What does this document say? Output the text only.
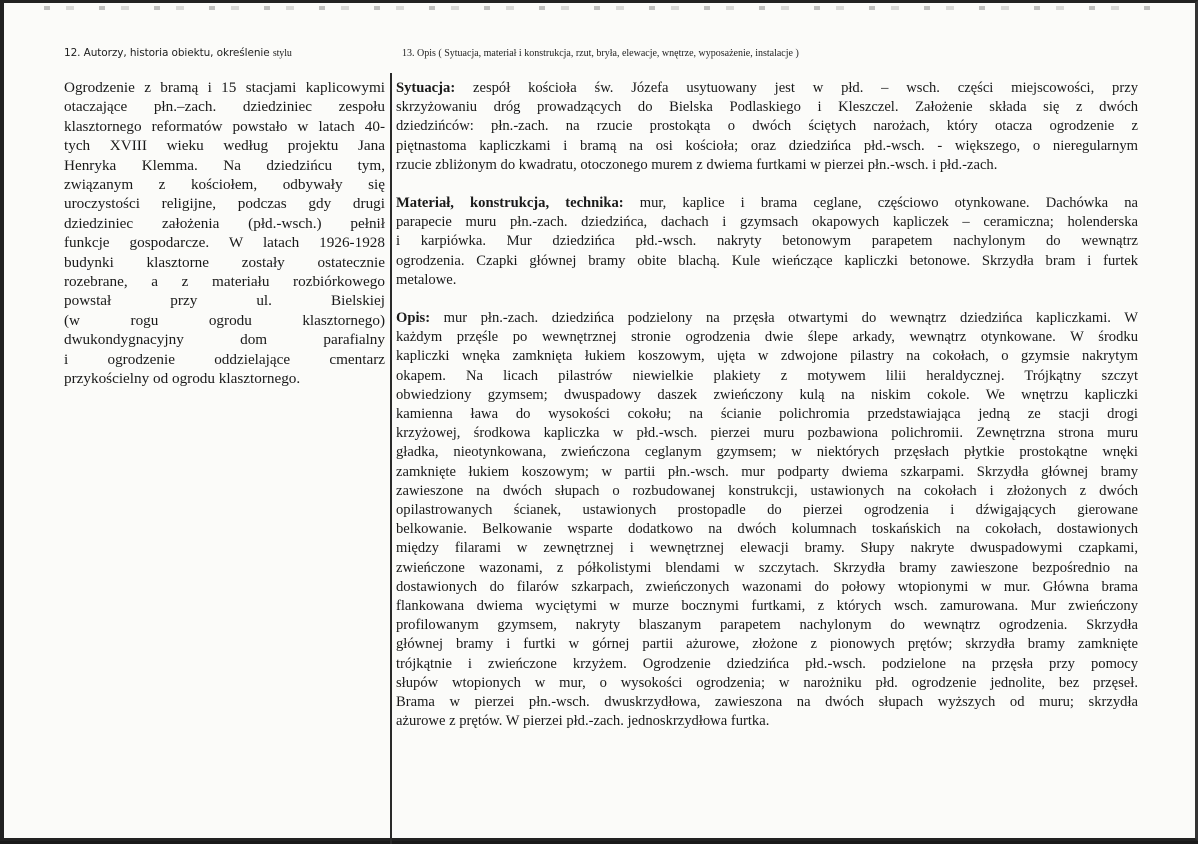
12. Autorzy, historia obiektu, określenie stylu	13. Opis ( Sytuacja, materiał i konstrukcja, rzut, bryła, elewacje, wnętrze, wyposażenie, instalacje )
Ogrodzenie z bramą i 15 stacjami kaplicowymi
otaczające płn.–zach. dziedziniec zespołu
klasztornego reformatów powstało w latach 40-
tych XVIII wieku według projektu Jana
Henryka Klemma. Na dziedzińcu tym,
związanym z kościołem, odbywały się
uroczystości religijne, podczas gdy drugi
dziedziniec założenia (płd.-wsch.) pełnił
funkcje gospodarcze. W latach 1926-1928
budynki klasztorne zostały ostatecznie
rozebrane, a z materiału rozbiórkowego
powstał przy ul. Bielskiej
(w rogu ogrodu klasztornego)
dwukondygnacyjny dom parafialny
i ogrodzenie oddzielające cmentarz
przykościelny od ogrodu klasztornego.
Sytuacja: zespół kościoła św. Józefa usytuowany jest w płd. – wsch. części miejscowości, przy
skrzyżowaniu dróg prowadzących do Bielska Podlaskiego i Kleszczel. Założenie składa się z dwóch
dziedzińców: płn.-zach. na rzucie prostokąta o dwóch ściętych narożach, który otacza ogrodzenie z
piętnastoma kapliczkami i bramą na osi kościoła; oraz dziedzińca płd.-wsch. - większego, o nieregularnym
rzucie zbliżonym do kwadratu, otoczonego murem z dwiema furtkami w pierzei płn.-wsch. i płd.-zach.
Materiał, konstrukcja, technika: mur, kaplice i brama ceglane, częściowo otynkowane. Dachówka na
parapecie muru płn.-zach. dziedzińca, dachach i gzymsach okapowych kapliczek – ceramiczna; holenderska
i karpiówka. Mur dziedzińca płd.-wsch. nakryty betonowym parapetem nachylonym do wewnątrz
ogrodzenia. Czapki głównej bramy obite blachą. Kule wieńczące kapliczki betonowe. Skrzydła bram i furtek
metalowe.
Opis: mur płn.-zach. dziedzińca podzielony na przęsła otwartymi do wewnątrz dziedzińca kapliczkami. W
każdym przęśle po wewnętrznej stronie ogrodzenia dwie ślepe arkady, wewnątrz otynkowane. W środku
kapliczki wnęka zamknięta łukiem koszowym, ujęta w zdwojone pilastry na cokołach, o gzymsie nakrytym
okapem. Na licach pilastrów niewielkie plakiety z motywem lilii heraldycznej. Trójkątny szczyt
obwiedziony gzymsem; dwuspadowy daszek zwieńczony kulą na niskim cokole. We wnętrzu kapliczki
kamienna ława do wysokości cokołu; na ścianie polichromia przedstawiająca jedną ze stacji drogi
krzyżowej, środkowa kapliczka w płd.-wsch. pierzei muru pozbawiona polichromii. Zewnętrzna strona muru
gładka, nieotynkowana, zwieńczona ceglanym gzymsem; w niektórych przęsłach płytkie prostokątne wnęki
zamknięte łukiem koszowym; w partii płn.-wsch. mur podparty dwiema szkarpami. Skrzydła głównej bramy
zawieszone na dwóch słupach o rozbudowanej konstrukcji, ustawionych na cokołach i złożonych z dwóch
opilastrowanych ścianek, ustawionych prostopadle do pierzei ogrodzenia i dźwigających gierowane
belkowanie. Belkowanie wsparte dodatkowo na dwóch kolumnach toskańskich na cokołach, dostawionych
między filarami w zewnętrznej i wewnętrznej elewacji bramy. Słupy nakryte dwuspadowymi czapkami,
zwieńczone wazonami, z półkolistymi blendami w szczytach. Skrzydła bramy zawieszone bezpośrednio na
dostawionych do filarów szkarpach, zwieńczonych wazonami do połowy wtopionymi w mur. Główna brama
flankowana dwiema wyciętymi w murze bocznymi furtkami, z których wsch. zamurowana. Mur zwieńczony
profilowanym gzymsem, nakryty blaszanym parapetem nachylonym do wewnątrz ogrodzenia. Skrzydła
głównej bramy i furtki w górnej partii ażurowe, złożone z pionowych prętów; skrzydła bramy zamknięte
trójkątnie i zwieńczone krzyżem. Ogrodzenie dziedzińca płd.-wsch. podzielone na przęsła przy pomocy
słupów wtopionych w mur, o wysokości ogrodzenia; w narożniku płd. ogrodzenie jednolite, bez przęseł.
Brama w pierzei płn.-wsch. dwuskrzydłowa, zawieszona na dwóch słupach wyższych od muru; skrzydła
ażurowe z prętów. W pierzei płd.-zach. jednoskrzydłowa furtka.
